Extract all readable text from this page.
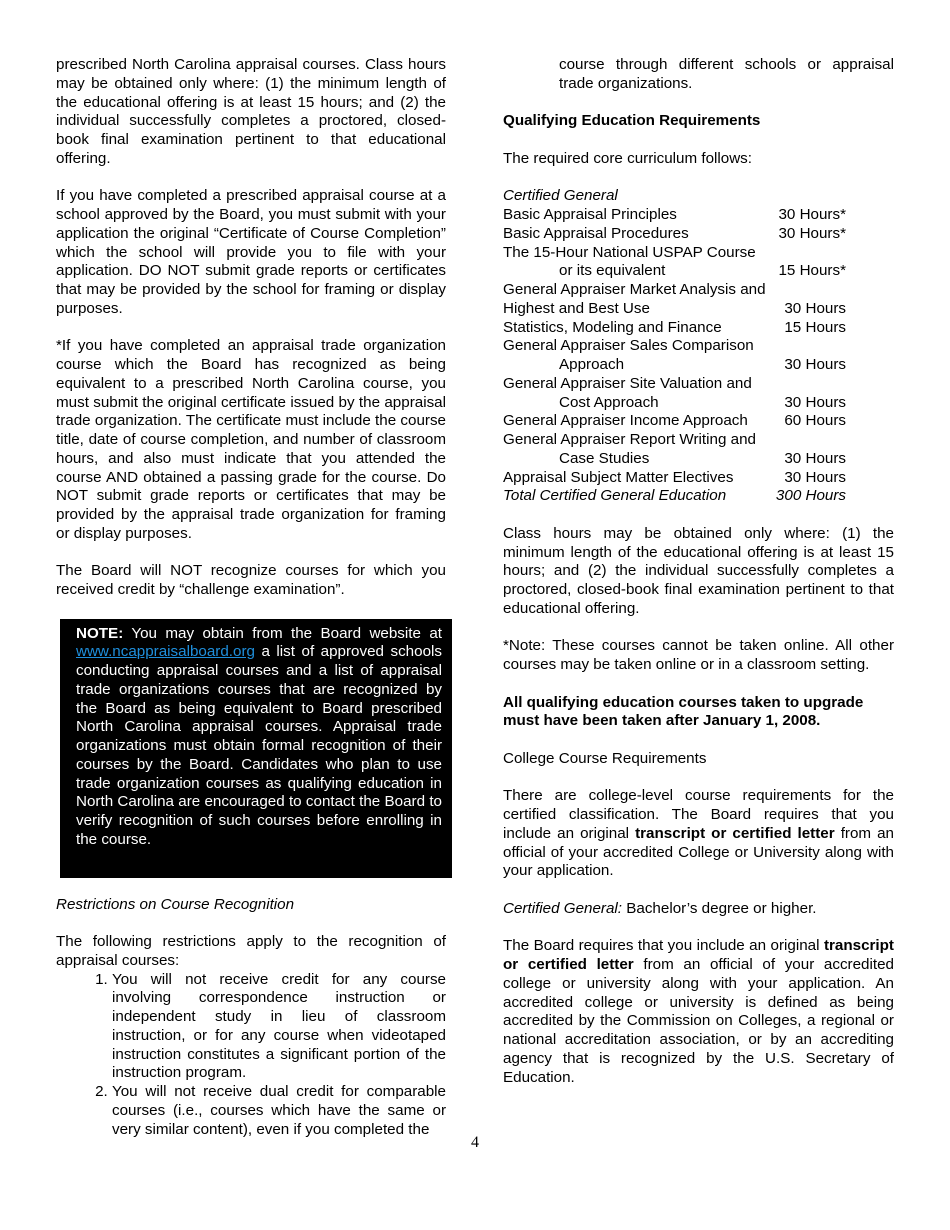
prescribed North Carolina appraisal courses. Class hours may be obtained only where: (1) the minimum length of the educational offering is at least 15 hours; and (2) the individual successfully completes a proctored, closed-book final examination pertinent to that educational offering.

If you have completed a prescribed appraisal course at a school approved by the Board, you must submit with your application the original “Certificate of Course Completion” which the school will provide you to file with your application. DO NOT submit grade reports or certificates that may be provided by the school for framing or display purposes.

*If you have completed an appraisal trade organization course which the Board has recognized as being equivalent to a prescribed North Carolina course, you must submit the original certificate issued by the appraisal trade organization. The certificate must include the course title, date of course completion, and number of classroom hours, and also must indicate that you attended the course AND obtained a passing grade for the course. Do NOT submit grade reports or certificates that may be provided by the appraisal trade organization for framing or display purposes.

The Board will NOT recognize courses for which you received credit by “challenge examination”.

NOTE: You may obtain from the Board website at www.ncappraisalboard.org a list of approved schools conducting appraisal courses and a list of appraisal trade organizations courses that are recognized by the Board as being equivalent to Board prescribed North Carolina appraisal courses. Appraisal trade organizations must obtain formal recognition of their courses by the Board. Candidates who plan to use trade organization courses as qualifying education in North Carolina are encouraged to contact the Board to verify recognition of such courses before enrolling in the course.

Restrictions on Course Recognition

The following restrictions apply to the recognition of appraisal courses:
1. You will not receive credit for any course involving correspondence instruction or independent study in lieu of classroom instruction, or for any course when videotaped instruction constitutes a significant portion of the instruction program.
2. You will not receive dual credit for comparable courses (i.e., courses which have the same or very similar content), even if you completed the
course through different schools or appraisal trade organizations.

Qualifying Education Requirements

The required core curriculum follows:

Certified General	
Basic Appraisal Principles	30 Hours*
Basic Appraisal Procedures	30 Hours*
The 15-Hour National USPAP Course	
or its equivalent	15 Hours*
General Appraiser Market Analysis and	
Highest and Best Use	30 Hours
Statistics, Modeling and Finance	15 Hours
General Appraiser Sales Comparison	
Approach	30 Hours
General Appraiser Site Valuation and	
Cost Approach	30 Hours
General Appraiser Income Approach	60 Hours
General Appraiser Report Writing and	
Case Studies	30 Hours
Appraisal Subject Matter Electives	30 Hours
Total Certified General Education	300 Hours

Class hours may be obtained only where: (1) the minimum length of the educational offering is at least 15 hours; and (2) the individual successfully completes a proctored, closed-book final examination pertinent to that educational offering.

*Note: These courses cannot be taken online. All other courses may be taken online or in a classroom setting.

All qualifying education courses taken to upgrade must have been taken after January 1, 2008.

College Course Requirements

There are college-level course requirements for the certified classification. The Board requires that you include an original transcript or certified letter from an official of your accredited College or University along with your application.

Certified General: Bachelor’s degree or higher.

The Board requires that you include an original transcript or certified letter from an official of your accredited college or university along with your application. An accredited college or university is defined as being accredited by the Commission on Colleges, a regional or national accreditation association, or by an accrediting agency that is recognized by the U.S. Secretary of Education.

4
